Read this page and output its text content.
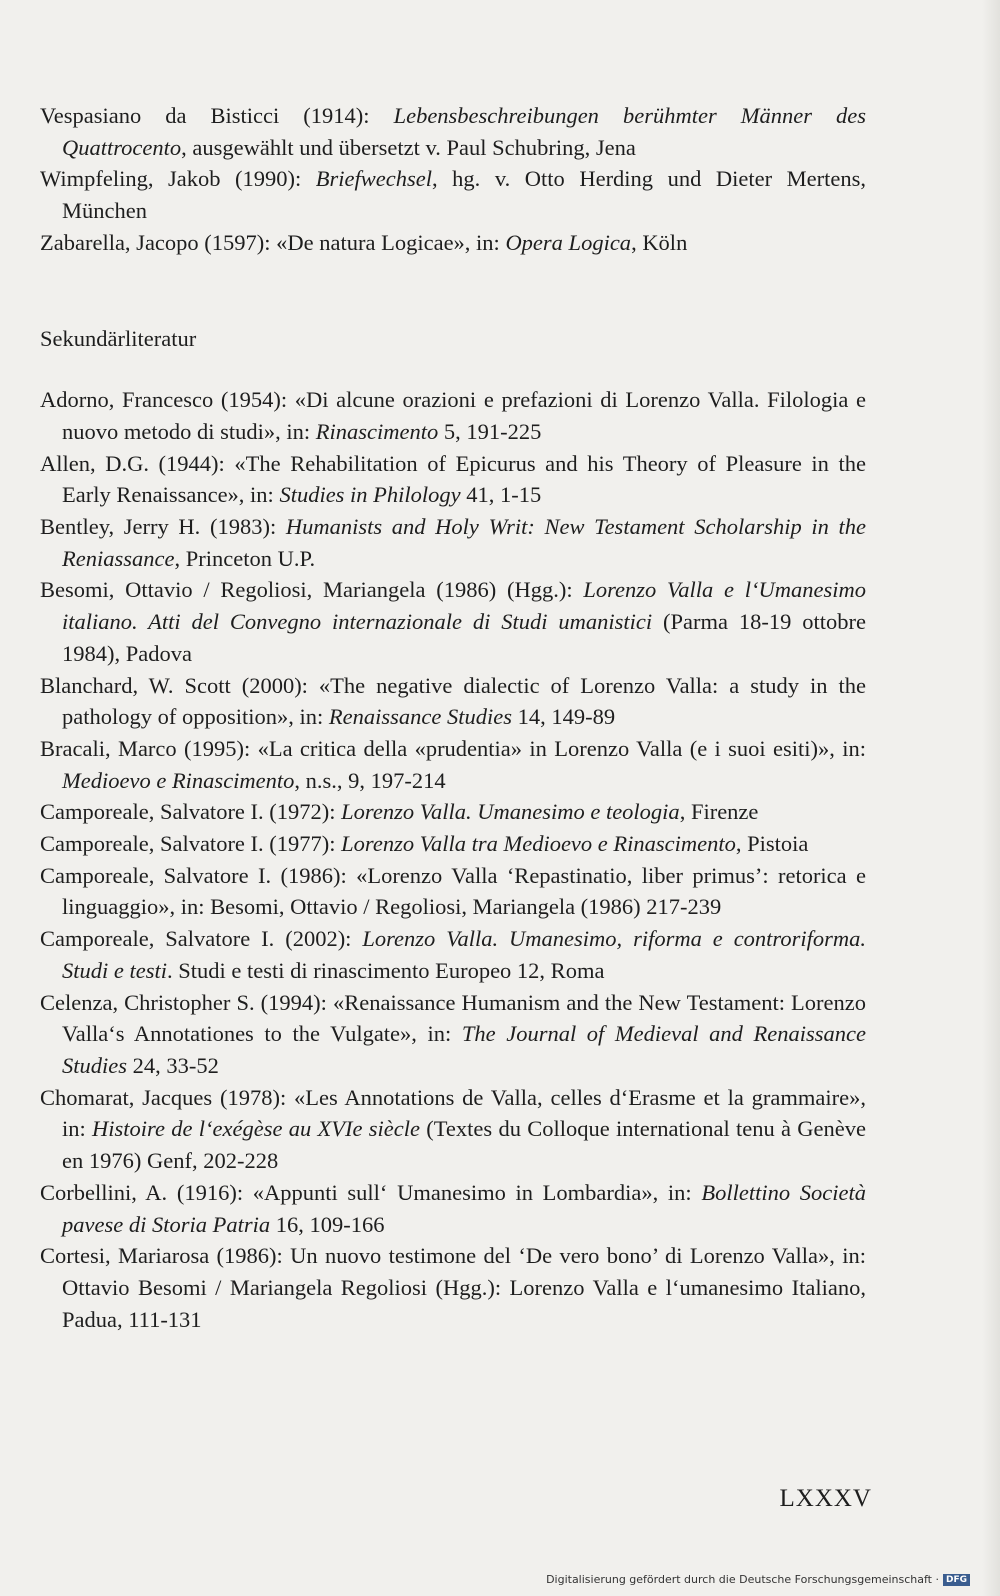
Vespasiano da Bisticci (1914): Lebensbeschreibungen berühmter Männer des Quattrocento, ausgewählt und übersetzt v. Paul Schubring, Jena
Wimpfeling, Jakob (1990): Briefwechsel, hg. v. Otto Herding und Dieter Mertens, München
Zabarella, Jacopo (1597): «De natura Logicae», in: Opera Logica, Köln
Sekundärliteratur
Adorno, Francesco (1954): «Di alcune orazioni e prefazioni di Lorenzo Valla. Filologia e nuovo metodo di studi», in: Rinascimento 5, 191-225
Allen, D.G. (1944): «The Rehabilitation of Epicurus and his Theory of Pleasure in the Early Renaissance», in: Studies in Philology 41, 1-15
Bentley, Jerry H. (1983): Humanists and Holy Writ: New Testament Scholarship in the Reniassance, Princeton U.P.
Besomi, Ottavio / Regoliosi, Mariangela (1986) (Hgg.): Lorenzo Valla e l‘Umanesimo italiano. Atti del Convegno internazionale di Studi umanistici (Parma 18-19 ottobre 1984), Padova
Blanchard, W. Scott (2000): «The negative dialectic of Lorenzo Valla: a study in the pathology of opposition», in: Renaissance Studies 14, 149-89
Bracali, Marco (1995): «La critica della «prudentia» in Lorenzo Valla (e i suoi esiti)», in: Medioevo e Rinascimento, n.s., 9, 197-214
Camporeale, Salvatore I. (1972): Lorenzo Valla. Umanesimo e teologia, Firenze
Camporeale, Salvatore I. (1977): Lorenzo Valla tra Medioevo e Rinascimento, Pistoia
Camporeale, Salvatore I. (1986): «Lorenzo Valla ‘Repastinatio, liber primus’: retorica e linguaggio», in: Besomi, Ottavio / Regoliosi, Mariangela (1986) 217-239
Camporeale, Salvatore I. (2002): Lorenzo Valla. Umanesimo, riforma e controriforma. Studi e testi. Studi e testi di rinascimento Europeo 12, Roma
Celenza, Christopher S. (1994): «Renaissance Humanism and the New Testament: Lorenzo Valla‘s Annotationes to the Vulgate», in: The Journal of Medieval and Renaissance Studies 24, 33-52
Chomarat, Jacques (1978): «Les Annotations de Valla, celles d‘Erasme et la grammaire», in: Histoire de l‘exégèse au XVIe siècle (Textes du Colloque international tenu à Genève en 1976) Genf, 202-228
Corbellini, A. (1916): «Appunti sull‘ Umanesimo in Lombardia», in: Bollettino Società pavese di Storia Patria 16, 109-166
Cortesi, Mariarosa (1986): Un nuovo testimone del ‘De vero bono’ di Lorenzo Valla», in: Ottavio Besomi / Mariangela Regoliosi (Hgg.): Lorenzo Valla e l‘umanesimo Italiano, Padua, 111-131
LXXXV
Digitalisierung gefördert durch die Deutsche Forschungsgemeinschaft · DFG
